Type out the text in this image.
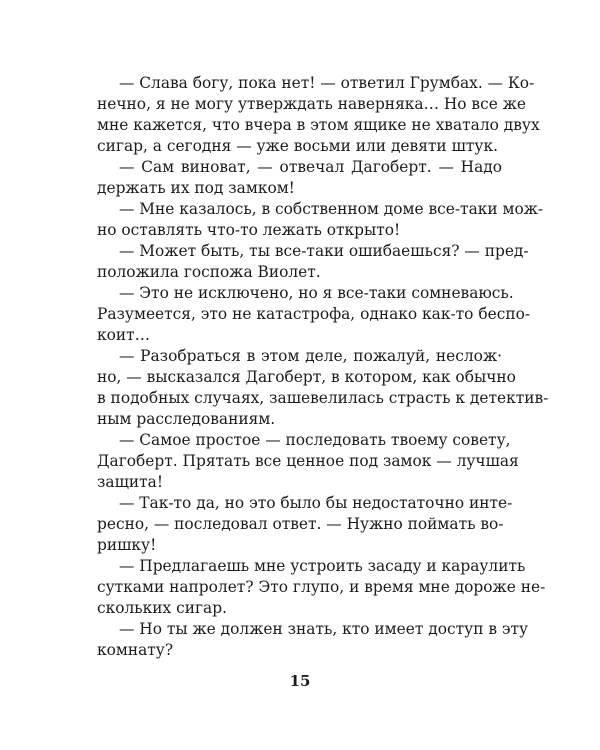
— Слава богу, пока нет! — ответил Грумбах. — Ко-
нечно, я не могу утверждать наверняка… Но все же
мне кажется, что вчера в этом ящике не хватало двух
сигар, а сегодня — уже восьми или девяти штук.
— Сам виноват, — отвечал Дагоберт. — Надо
держать их под замком!
— Мне казалось, в собственном доме все-таки мож-
но оставлять что-то лежать открыто!
— Может быть, ты все-таки ошибаешься? — пред-
положила госпожа Виолет.
— Это не исключено, но я все-таки сомневаюсь.
Разумеется, это не катастрофа, однако как-то беспо-
коит…
— Разобраться в этом деле, пожалуй, неслож·
но, — высказался Дагоберт, в котором, как обычно
в подобных случаях, зашевелилась страсть к детектив-
ным расследованиям.
— Самое простое — последовать твоему совету,
Дагоберт. Прятать все ценное под замок — лучшая
защита!
— Так-то да, но это было бы недостаточно инте-
ресно, — последовал ответ. — Нужно поймать во-
ришку!
— Предлагаешь мне устроить засаду и караулить
сутками напролет? Это глупо, и время мне дороже не-
скольких сигар.
— Но ты же должен знать, кто имеет доступ в эту
комнату?
15
